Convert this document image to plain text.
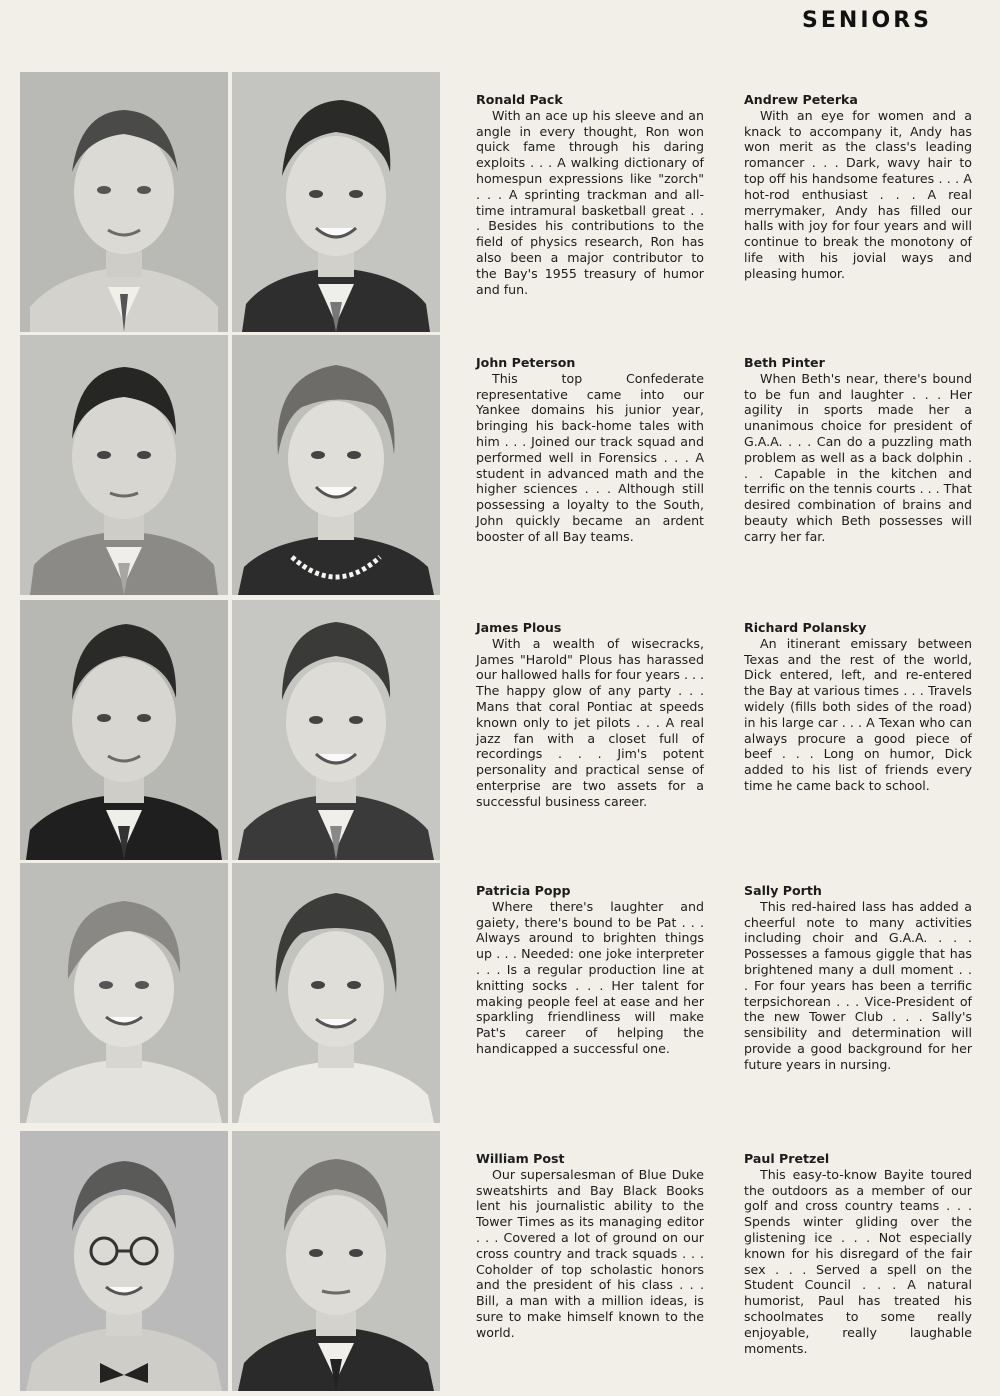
SENIORS
Ronald Pack
With an ace up his sleeve and an angle in every thought, Ron won quick fame through his daring exploits . . . A walking dictionary of homespun expressions like "zorch" . . . A sprinting trackman and all-time intramural basketball great . . . Besides his contributions to the field of physics research, Ron has also been a major contributor to the Bay's 1955 treasury of humor and fun.
Andrew Peterka
With an eye for women and a knack to accompany it, Andy has won merit as the class's leading romancer . . . Dark, wavy hair to top off his handsome features . . . A hot-rod enthusiast . . . A real merrymaker, Andy has filled our halls with joy for four years and will continue to break the monotony of life with his jovial ways and pleasing humor.
John Peterson
This top Confederate representative came into our Yankee domains his junior year, bringing his back-home tales with him . . . Joined our track squad and performed well in Forensics . . . A student in advanced math and the higher sciences . . . Although still possessing a loyalty to the South, John quickly became an ardent booster of all Bay teams.
Beth Pinter
When Beth's near, there's bound to be fun and laughter . . . Her agility in sports made her a unanimous choice for president of G.A.A. . . . Can do a puzzling math problem as well as a back dolphin . . . Capable in the kitchen and terrific on the tennis courts . . . That desired combination of brains and beauty which Beth possesses will carry her far.
James Plous
With a wealth of wisecracks, James "Harold" Plous has harassed our hallowed halls for four years . . . The happy glow of any party . . . Mans that coral Pontiac at speeds known only to jet pilots . . . A real jazz fan with a closet full of recordings . . . Jim's potent personality and practical sense of enterprise are two assets for a successful business career.
Richard Polansky
An itinerant emissary between Texas and the rest of the world, Dick entered, left, and re-entered the Bay at various times . . . Travels widely (fills both sides of the road) in his large car . . . A Texan who can always procure a good piece of beef . . . Long on humor, Dick added to his list of friends every time he came back to school.
Patricia Popp
Where there's laughter and gaiety, there's bound to be Pat . . . Always around to brighten things up . . . Needed: one joke interpreter . . . Is a regular production line at knitting socks . . . Her talent for making people feel at ease and her sparkling friendliness will make Pat's career of helping the handicapped a successful one.
Sally Porth
This red-haired lass has added a cheerful note to many activities including choir and G.A.A. . . . Possesses a famous giggle that has brightened many a dull moment . . . For four years has been a terrific terpsichorean . . . Vice-President of the new Tower Club . . . Sally's sensibility and determination will provide a good background for her future years in nursing.
William Post
Our supersalesman of Blue Duke sweatshirts and Bay Black Books lent his journalistic ability to the Tower Times as its managing editor . . . Covered a lot of ground on our cross country and track squads . . . Coholder of top scholastic honors and the president of his class . . . Bill, a man with a million ideas, is sure to make himself known to the world.
Paul Pretzel
This easy-to-know Bayite toured the outdoors as a member of our golf and cross country teams . . . Spends winter gliding over the glistening ice . . . Not especially known for his disregard of the fair sex . . . Served a spell on the Student Council . . . A natural humorist, Paul has treated his schoolmates to some really enjoyable, really laughable moments.
